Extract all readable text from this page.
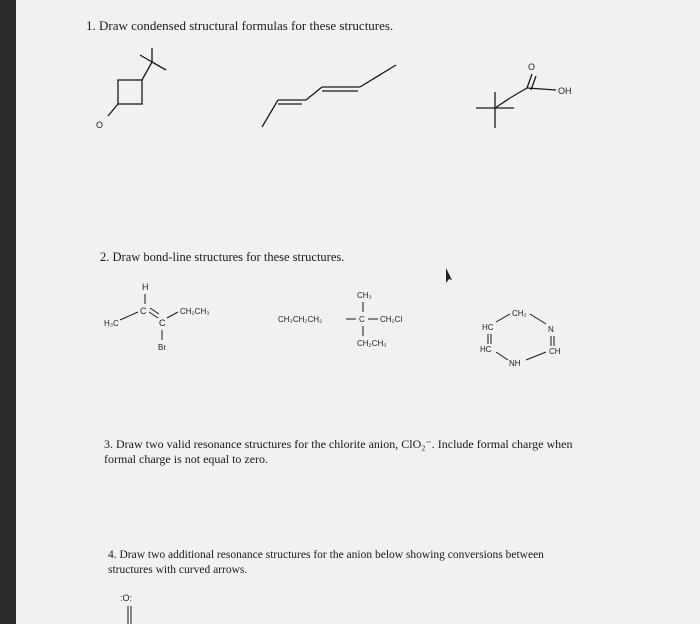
1. Draw condensed structural formulas for these structures.
O
O
OH
2. Draw bond-line structures for these structures.
H
C
H₃C	C
CH₂CH₃
Br
CH₃
CH₃CH₂CH₂	C CH₂Cl
CH₂CH₃
CH₂
HC	N
HC	CH
NH
3. Draw two valid resonance structures for the chlorite anion, ClO₂⁻. Include formal charge when
formal charge is not equal to zero.
4. Draw two additional resonance structures for the anion below showing conversions between
structures with curved arrows.
:O:
